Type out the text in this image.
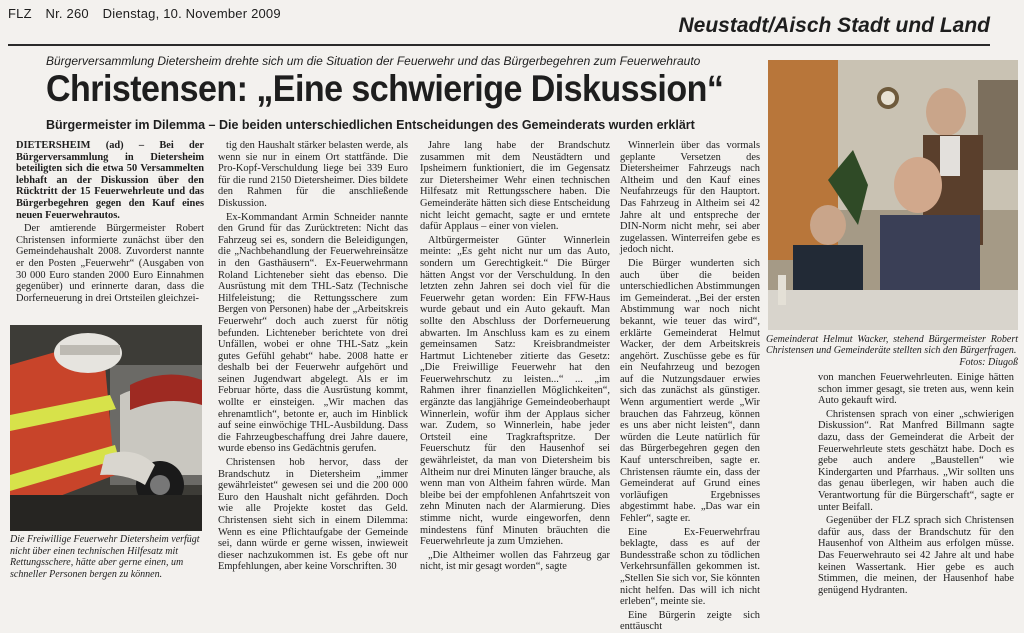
FLZ Nr. 260 Dienstag, 10. November 2009
Neustadt/Aisch Stadt und Land
Bürgerversammlung Dietersheim drehte sich um die Situation der Feuerwehr und das Bürgerbegehren zum Feuerwehrauto
Christensen: „Eine schwierige Diskussion“
Bürgermeister im Dilemma – Die beiden unterschiedlichen Entscheidungen des Gemeinderats wurden erklärt

DIETERSHEIM (ad) – Bei der Bürgerversammlung in Dietersheim beteiligten sich die etwa 50 Versammelten lebhaft an der Diskussion über den Rücktritt der 15 Feuerwehrleute und das Bürgerbegehren gegen den Kauf eines neuen Feuerwehrautos.

Der amtierende Bürgermeister Robert Christensen informierte zunächst über den Gemeindehaushalt 2008. Zuvorderst nannte er den Posten „Feuerwehr“ (Ausgaben von 30 000 Euro standen 2000 Euro Einnahmen gegenüber) und erinnerte daran, dass die Dorferneuerung in drei Ortsteilen gleichzei-

Die Freiwillige Feuerwehr Dietersheim verfügt nicht über einen technischen Hilfesatz mit Rettungsschere, hätte aber gerne einen, um schneller Personen bergen zu können.

tig den Haushalt stärker belasten werde, als wenn sie nur in einem Ort stattfände. Die Pro-Kopf-Verschuldung liege bei 339 Euro für die rund 2150 Dietersheimer. Dies bildete den Rahmen für die anschließende Diskussion.

Ex-Kommandant Armin Schneider nannte den Grund für das Zurücktreten: Nicht das Fahrzeug sei es, sondern die Beleidigungen, die „Nachbehandlung der Feuerwehreinsätze in den Gasthäusern“. Ex-Feuerwehrmann Roland Lichteneber sieht das ebenso. Die Ausrüstung mit dem THL-Satz (Technische Hilfeleistung; die Rettungsschere zum Bergen von Personen) habe der „Arbeitskreis Feuerwehr“ doch auch zuerst für nötig befunden. Lichteneber berichtete von drei Unfällen, wobei er ohne THL-Satz „kein gutes Gefühl gehabt“ habe. 2008 hatte er deshalb bei der Feuerwehr aufgehört und seinen Jugendwart abgelegt. Als er im Februar hörte, dass die Ausrüstung kommt, wollte er einsteigen. „Wir machen das ehrenamtlich“, betonte er, auch im Hinblick auf seine einwöchige THL-Ausbildung. Dass die Fahrzeugbeschaffung drei Jahre dauere, wurde ebenso ins Gedächtnis gerufen.

Christensen hob hervor, dass der Brandschutz in Dietersheim „immer gewährleistet“ gewesen sei und die 200 000 Euro den Haushalt nicht gefährden. Doch wie alle Projekte kostet das Geld. Christensen sieht sich in einem Dilemma: Wenn es eine Pflichtaufgabe der Gemeinde sei, dann würde er gerne wissen, inwieweit dieser nachzukommen ist. Es gebe oft nur Empfehlungen, aber keine Vorschriften. 30

Jahre lang habe der Brandschutz zusammen mit dem Neustädtern und Ipsheimern funktioniert, die im Gegensatz zur Dietersheimer Wehr einen technischen Hilfesatz mit Rettungsschere haben. Die Gemeinderäte hätten sich diese Entscheidung nicht leicht gemacht, sagte er und erntete dafür Applaus – einer von vielen.

Altbürgermeister Günter Winnerlein meinte: „Es geht nicht nur um das Auto, sondern um Gerechtigkeit.“ Die Bürger hätten Angst vor der Verschuldung. In den letzten zehn Jahren sei doch viel für die Feuerwehr getan worden: Ein FFW-Haus wurde gebaut und ein Auto gekauft. Man sollte den Abschluss der Dorferneuerung abwarten. Im Anschluss kam es zu einem gemeinsamen Satz: Kreisbrandmeister Hartmut Lichteneber zitierte das Gesetz: „Die Freiwillige Feuerwehr hat den Feuerwehrschutz zu leisten...“ ... „im Rahmen ihrer finanziellen Möglichkeiten“, ergänzte das langjährige Gemeindeoberhaupt Winnerlein, wofür ihm der Applaus sicher war. Zudem, so Winnerlein, habe jeder Ortsteil eine Tragkraftspritze. Der Feuerschutz für den Hausenhof sei gewährleistet, da man von Dietersheim bis Altheim nur drei Minuten länger brauche, als wenn man von Altheim fahren würde. Man bleibe bei der empfohlenen Anfahrtszeit von zehn Minuten nach der Alarmierung. Dies stimme nicht, wurde eingeworfen, denn mindestens fünf Minuten bräuchten die Feuerwehrleute ja zum Umziehen.

„Die Altheimer wollen das Fahrzeug gar nicht, ist mir gesagt worden“, sagte

Winnerlein über das vormals geplante Versetzen des Dietersheimer Fahrzeugs nach Altheim und den Kauf eines Neufahrzeugs für den Hauptort. Das Fahrzeug in Altheim sei 42 Jahre alt und entspreche der DIN-Norm nicht mehr, sei aber zugelassen. Winterreifen gebe es jedoch nicht.

Die Bürger wunderten sich auch über die beiden unterschiedlichen Abstimmungen im Gemeinderat. „Bei der ersten Abstimmung war noch nicht bekannt, wie teuer das wird“, erklärte Gemeinderat Helmut Wacker, der dem Arbeitskreis angehört. Zuschüsse gebe es für ein Neufahrzeug und bezogen auf die Nutzungsdauer erwies sich das zunächst als günstiger. Wenn argumentiert werde „Wir brauchen das Fahrzeug, können es uns aber nicht leisten“, dann würden die Leute natürlich für das Bürgerbegehren gegen den Kauf unterschreiben, sagte er. Christensen räumte ein, dass der Gemeinderat auf Grund eines vorläufigen Ergebnisses abgestimmt habe. „Das war ein Fehler“, sagte er.

Eine Ex-Feuerwehrfrau beklagte, dass es auf der Bundesstraße schon zu tödlichen Verkehrsunfällen gekommen ist. „Stellen Sie sich vor, Sie könnten nicht helfen. Das will ich nicht erleben“, meinte sie.

Eine Bürgerin zeigte sich enttäuscht

Gemeinderat Helmut Wacker, stehend Bürgermeister Robert Christensen und Gemeinderäte stellten sich den Bürgerfragen.
Fotos: Diugoß

von manchen Feuerwehrleuten. Einige hätten schon immer gesagt, sie treten aus, wenn kein Auto gekauft wird.

Christensen sprach von einer „schwierigen Diskussion“. Rat Manfred Billmann sagte dazu, dass der Gemeinderat die Arbeit der Feuerwehrleute stets geschätzt habe. Doch es gebe auch andere „Baustellen“ wie Kindergarten und Pfarrhaus. „Wir sollten uns das genau überlegen, wir haben auch die Verantwortung für die Bürgerschaft“, sagte er unter Beifall.

Gegenüber der FLZ sprach sich Christensen dafür aus, dass der Brandschutz für den Hausenhof von Altheim aus erfolgen müsse. Das Feuerwehrauto sei 42 Jahre alt und habe keinen Wassertank. Hier gebe es auch Stimmen, die meinen, der Hausenhof habe genügend Hydranten.
